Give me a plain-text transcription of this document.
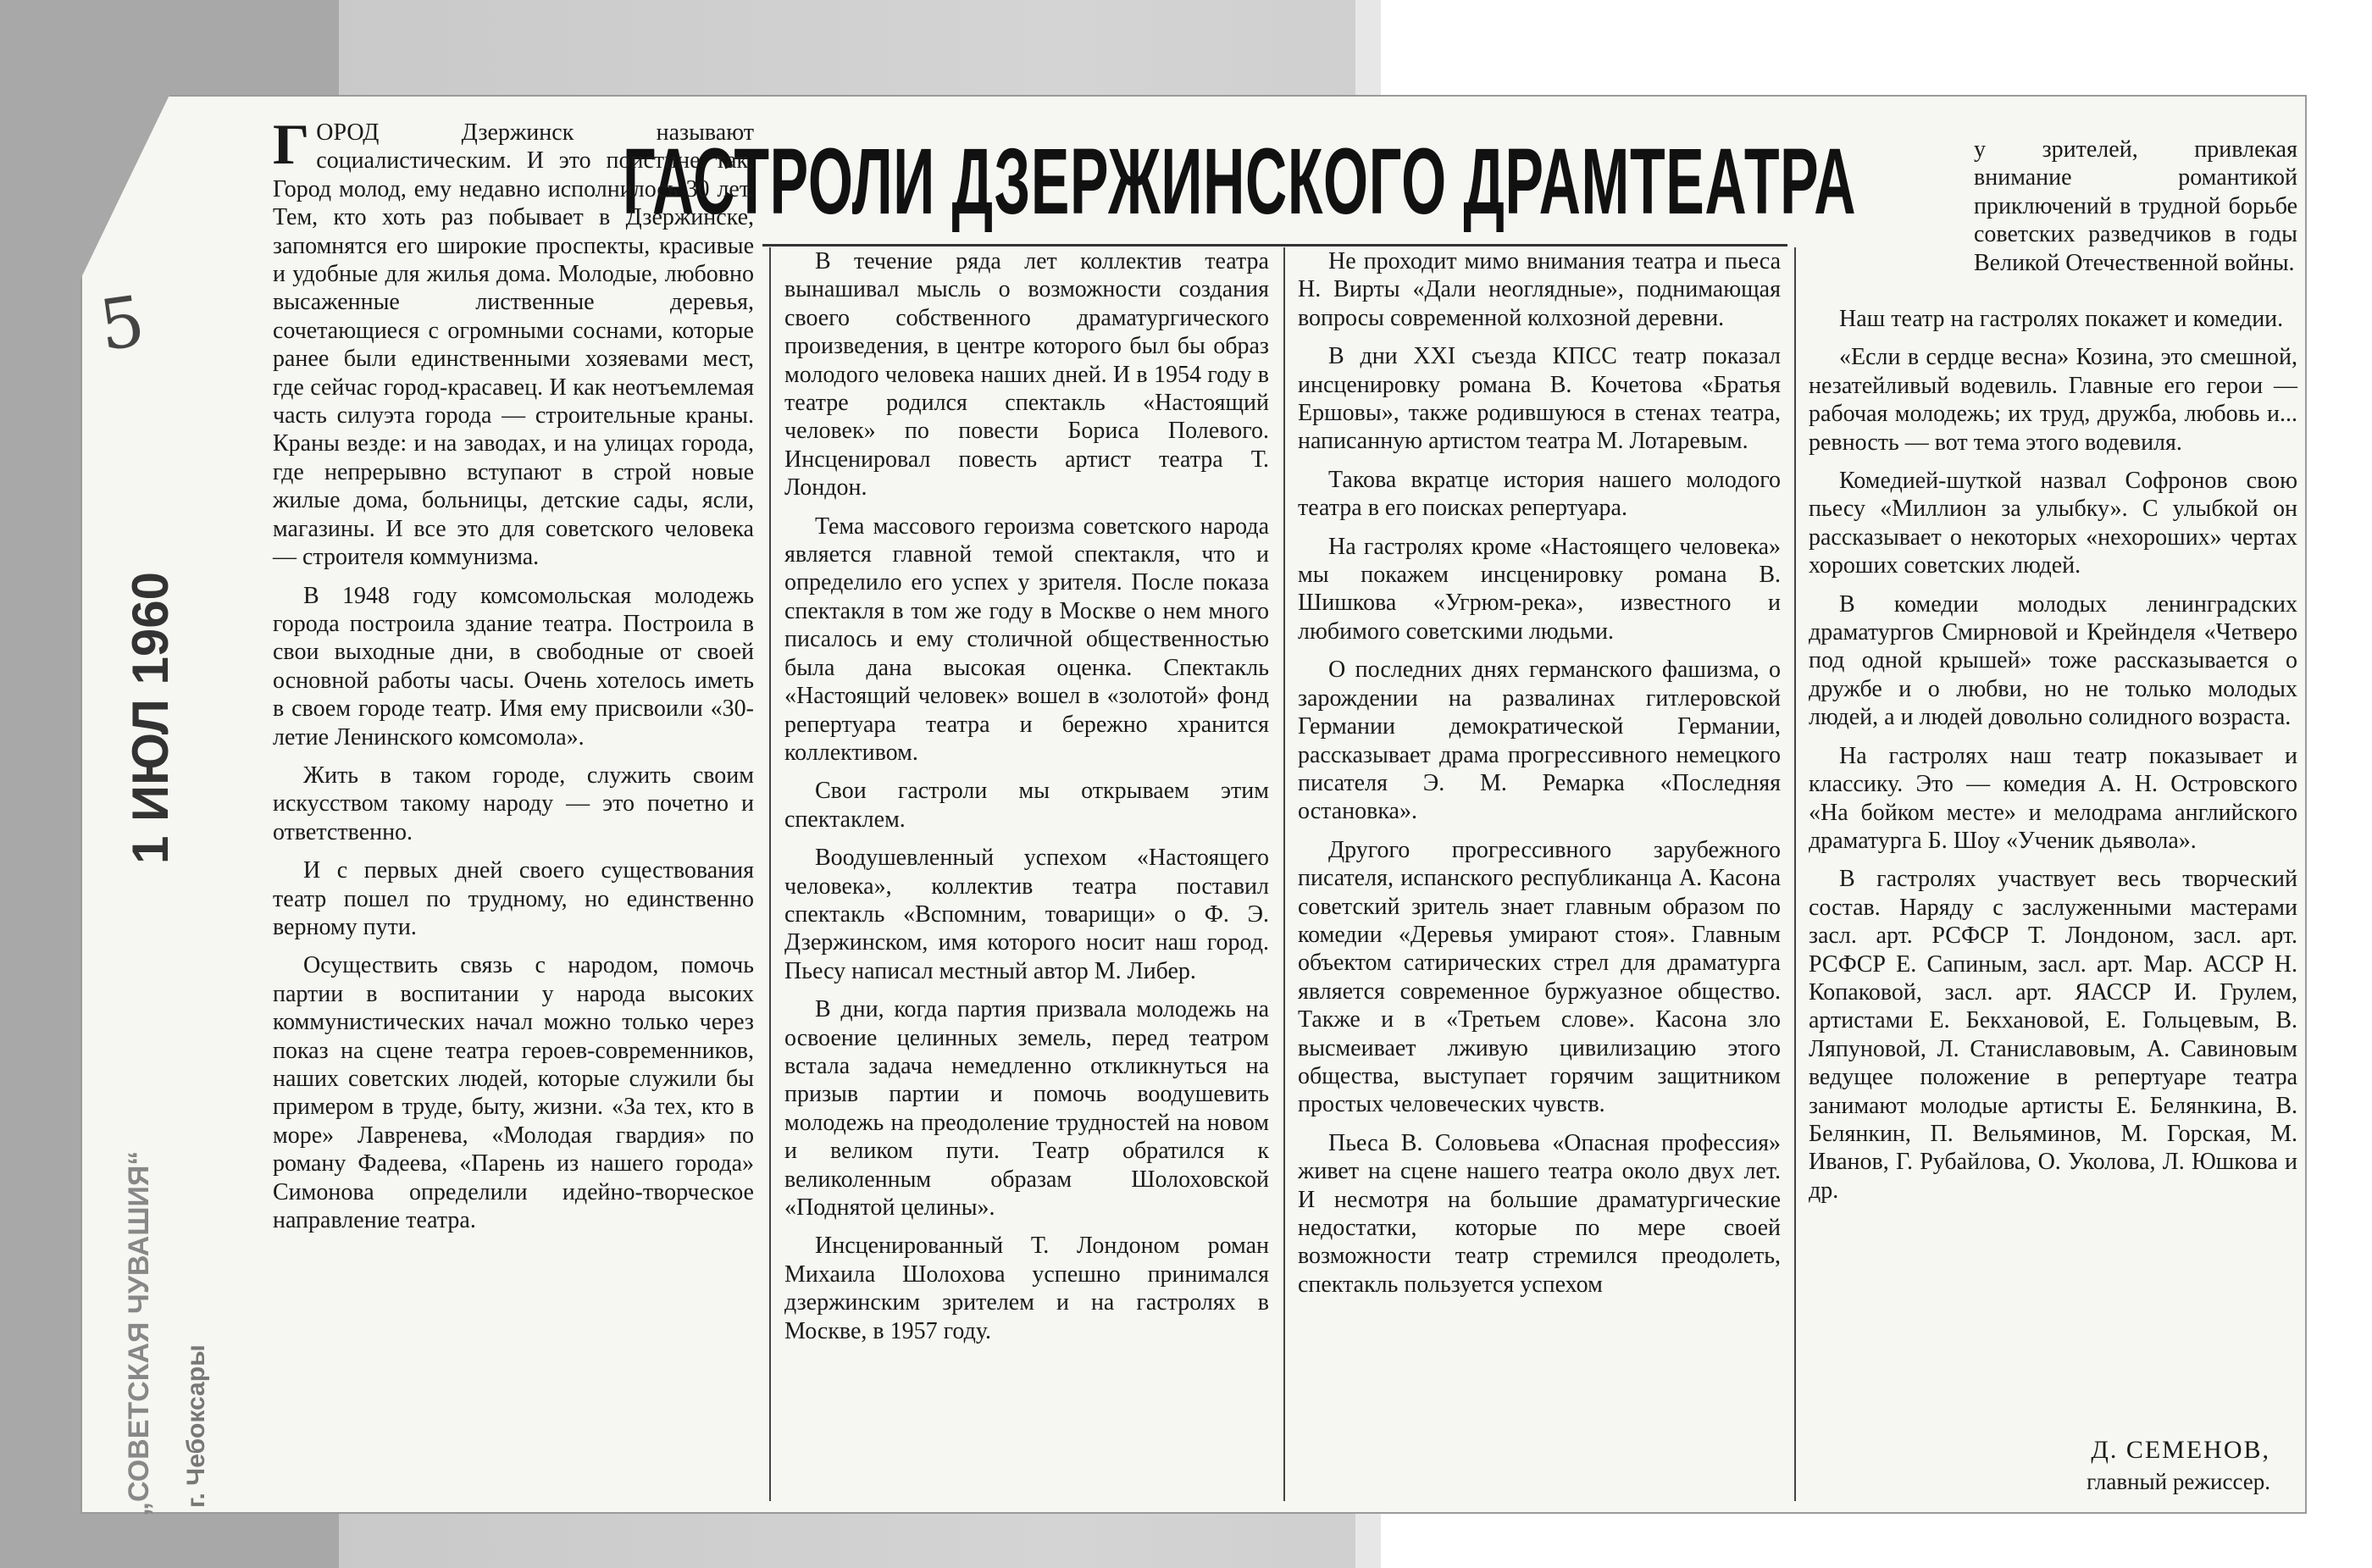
5
1 ИЮЛ 1960
„СОВЕТСКАЯ ЧУВАШИЯ“ г. Чебоксары
ГАСТРОЛИ ДЗЕРЖИНСКОГО ДРАМТЕАТРА

ГОРОД Дзержинск называют социалистическим. И это поистине так. Город молод, ему недавно исполнилось 30 лет. Тем, кто хоть раз побывает в Дзержинске, запомнятся его широкие проспекты, красивые и удобные для жилья дома. Молодые, любовно высаженные лиственные деревья, сочетающиеся с огромными соснами, которые ранее были единственными хозяевами мест, где сейчас город-красавец. И как неотъемлемая часть силуэта города — строительные краны. Краны везде: и на заводах, и на улицах города, где непрерывно вступают в строй новые жилые дома, больницы, детские сады, ясли, магазины. И все это для советского человека — строителя коммунизма.

В 1948 году комсомольская молодежь города построила здание театра. Построила в свои выходные дни, в свободные от своей основной работы часы. Очень хотелось иметь в своем городе театр. Имя ему присвоили «30-летие Ленинского комсомола».

Жить в таком городе, служить своим искусством такому народу — это почетно и ответственно.

И с первых дней своего существования театр пошел по трудному, но единственно верному пути.

Осуществить связь с народом, помочь партии в воспитании у народа высоких коммунистических начал можно только через показ на сцене театра героев-современников, наших советских людей, которые служили бы примером в труде, быту, жизни. «За тех, кто в море» Лавренева, «Молодая гвардия» по роману Фадеева, «Парень из нашего города» Симонова определили идейно-творческое направление театра.

В течение ряда лет коллектив театра вынашивал мысль о возможности создания своего собственного драматургического произведения, в центре которого был бы образ молодого человека наших дней. И в 1954 году в театре родился спектакль «Настоящий человек» по повести Бориса Полевого. Инсценировал повесть артист театра Т. Лондон.

Тема массового героизма советского народа является главной темой спектакля, что и определило его успех у зрителя. После показа спектакля в том же году в Москве о нем много писалось и ему столичной общественностью была дана высокая оценка. Спектакль «Настоящий человек» вошел в «золотой» фонд репертуара театра и бережно хранится коллективом.

Свои гастроли мы открываем этим спектаклем.

Воодушевленный успехом «Настоящего человека», коллектив театра поставил спектакль «Вспомним, товарищи» о Ф. Э. Дзержинском, имя которого носит наш город. Пьесу написал местный автор М. Либер.

В дни, когда партия призвала молодежь на освоение целинных земель, перед театром встала задача немедленно откликнуться на призыв партии и помочь воодушевить молодежь на преодоление трудностей на новом и великом пути. Театр обратился к великоленным образам Шолоховской «Поднятой целины».

Инсценированный Т. Лондоном роман Михаила Шолохова успешно принимался дзержинским зрителем и на гастролях в Москве, в 1957 году.

Не проходит мимо внимания театра и пьеса Н. Вирты «Дали неоглядные», поднимающая вопросы современной колхозной деревни.

В дни XXI съезда КПСС театр показал инсценировку романа В. Кочетова «Братья Ершовы», также родившуюся в стенах театра, написанную артистом театра М. Лотаревым.

Такова вкратце история нашего молодого театра в его поисках репертуара.

На гастролях кроме «Настоящего человека» мы покажем инсценировку романа В. Шишкова «Угрюм-река», известного и любимого советскими людьми.

О последних днях германского фашизма, о зарождении на развалинах гитлеровской Германии демократической Германии, рассказывает драма прогрессивного немецкого писателя Э. М. Ремарка «Последняя остановка».

Другого прогрессивного зарубежного писателя, испанского республиканца А. Касона советский зритель знает главным образом по комедии «Деревья умирают стоя». Главным объектом сатирических стрел для драматурга является современное буржуазное общество. Также и в «Третьем слове». Касона зло высмеивает лживую цивилизацию этого общества, выступает горячим защитником простых человеческих чувств.

Пьеса В. Соловьева «Опасная профессия» живет на сцене нашего театра около двух лет. И несмотря на большие драматургические недостатки, которые по мере своей возможности театр стремился преодолеть, спектакль пользуется успехом

у зрителей, привлекая внимание романтикой приключений в трудной борьбе советских разведчиков в годы Великой Отечественной войны.

Наш театр на гастролях покажет и комедии.

«Если в сердце весна» Козина, это смешной, незатейливый водевиль. Главные его герои — рабочая молодежь; их труд, дружба, любовь и... ревность — вот тема этого водевиля.

Комедией-шуткой назвал Софронов свою пьесу «Миллион за улыбку». С улыбкой он рассказывает о некоторых «нехороших» чертах хороших советских людей.

В комедии молодых ленинградских драматургов Смирновой и Крейнделя «Четверо под одной крышей» тоже рассказывается о дружбе и о любви, но не только молодых людей, а и людей довольно солидного возраста.

На гастролях наш театр показывает и классику. Это — комедия А. Н. Островского «На бойком месте» и мелодрама английского драматурга Б. Шоу «Ученик дьявола».

В гастролях участвует весь творческий состав. Наряду с заслуженными мастерами засл. арт. РСФСР Т. Лондоном, засл. арт. РСФСР Е. Сапиным, засл. арт. Мар. АССР Н. Копаковой, засл. арт. ЯАССР И. Грулем, артистами Е. Бекхановой, Е. Гольцевым, В. Ляпуновой, Л. Станиславовым, А. Савиновым ведущее положение в репертуаре театра занимают молодые артисты Е. Белянкина, В. Белянкин, П. Вельяминов, М. Горская, М. Иванов, Г. Рубайлова, О. Уколова, Л. Юшкова и др.

Д. СЕМЕНОВ,
главный режиссер.
